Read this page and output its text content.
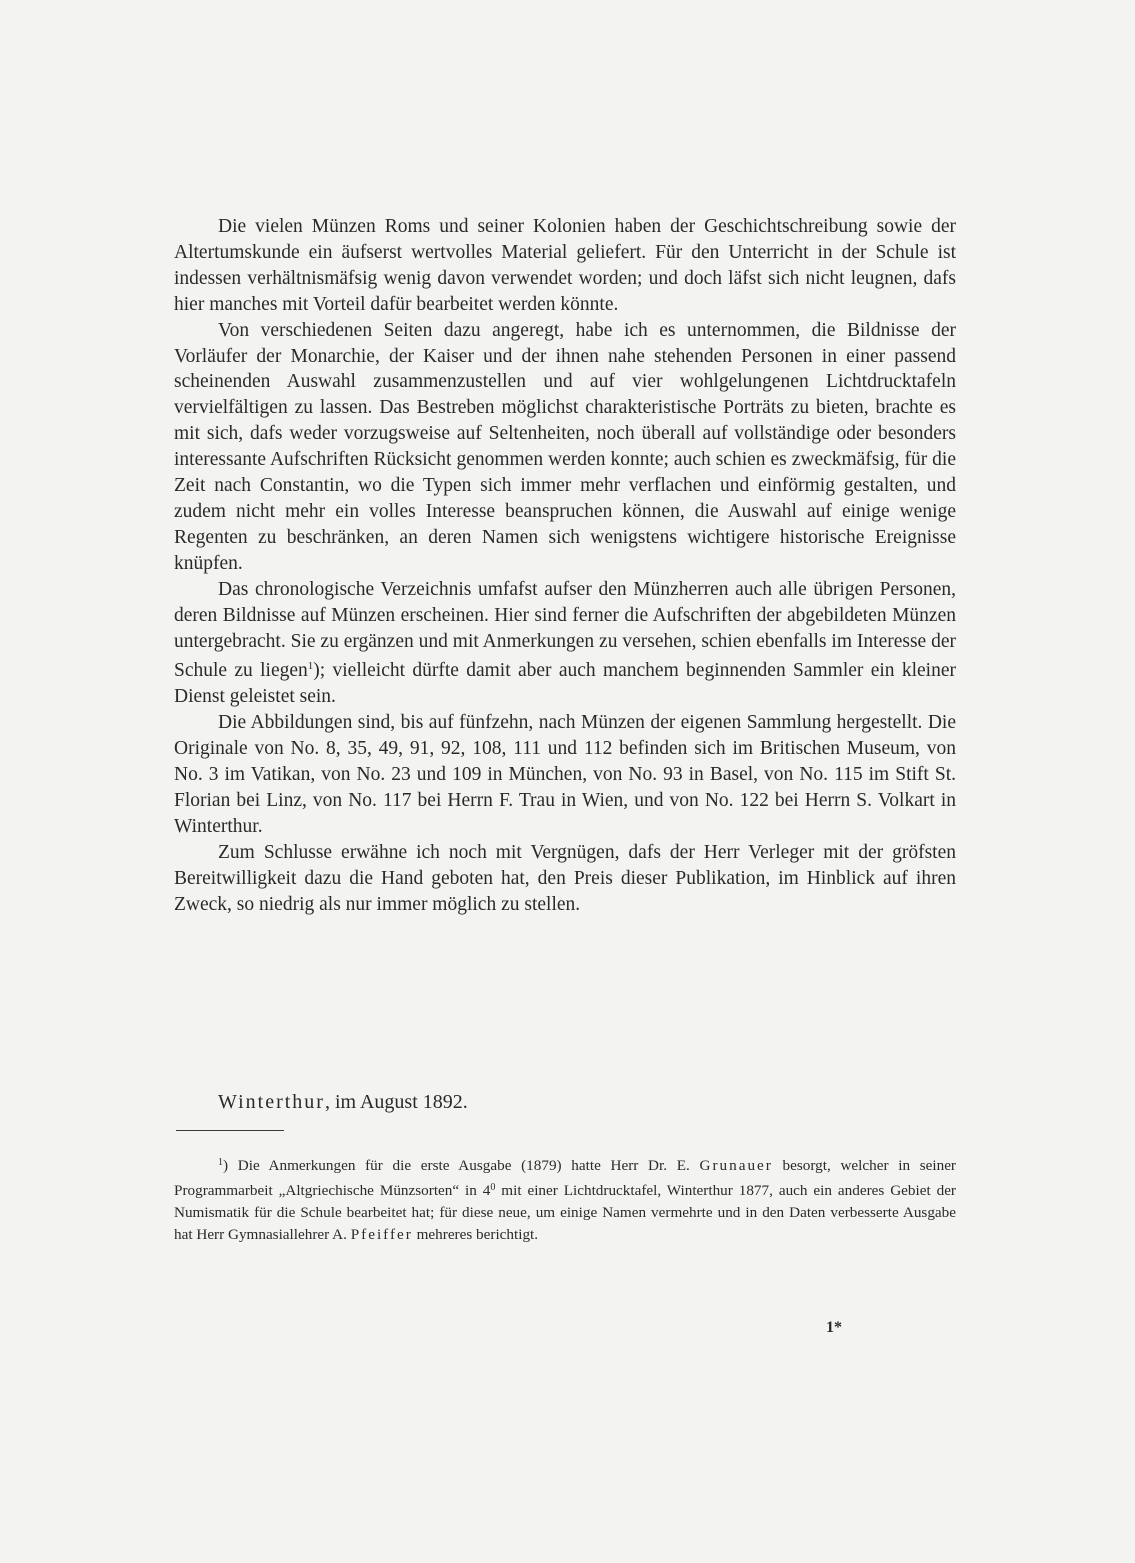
Die vielen Münzen Roms und seiner Kolonien haben der Geschichtschreibung sowie der Altertumskunde ein äufserst wertvolles Material geliefert. Für den Unterricht in der Schule ist indessen verhältnismäfsig wenig davon verwendet worden; und doch läfst sich nicht leugnen, dafs hier manches mit Vorteil dafür bearbeitet werden könnte.

Von verschiedenen Seiten dazu angeregt, habe ich es unternommen, die Bildnisse der Vorläufer der Monarchie, der Kaiser und der ihnen nahe stehenden Personen in einer passend scheinenden Auswahl zusammenzustellen und auf vier wohlgelungenen Lichtdrucktafeln vervielfältigen zu lassen. Das Bestreben möglichst charakteristische Porträts zu bieten, brachte es mit sich, dafs weder vorzugsweise auf Seltenheiten, noch überall auf vollständige oder besonders interessante Aufschriften Rücksicht genommen werden konnte; auch schien es zweckmäfsig, für die Zeit nach Constantin, wo die Typen sich immer mehr verflachen und einförmig gestalten, und zudem nicht mehr ein volles Interesse beanspruchen können, die Auswahl auf einige wenige Regenten zu beschränken, an deren Namen sich wenigstens wichtigere historische Ereignisse knüpfen.

Das chronologische Verzeichnis umfafst aufser den Münzherren auch alle übrigen Personen, deren Bildnisse auf Münzen erscheinen. Hier sind ferner die Aufschriften der abgebildeten Münzen untergebracht. Sie zu ergänzen und mit Anmerkungen zu versehen, schien ebenfalls im Interesse der Schule zu liegen$^1$); vielleicht dürfte damit aber auch manchem beginnenden Sammler ein kleiner Dienst geleistet sein.

Die Abbildungen sind, bis auf fünfzehn, nach Münzen der eigenen Sammlung hergestellt. Die Originale von No. 8, 35, 49, 91, 92, 108, 111 und 112 befinden sich im Britischen Museum, von No. 3 im Vatikan, von No. 23 und 109 in München, von No. 93 in Basel, von No. 115 im Stift St. Florian bei Linz, von No. 117 bei Herrn F. Trau in Wien, und von No. 122 bei Herrn S. Volkart in Winterthur.

Zum Schlusse erwähne ich noch mit Vergnügen, dafs der Herr Verleger mit der gröfsten Bereitwilligkeit dazu die Hand geboten hat, den Preis dieser Publikation, im Hinblick auf ihren Zweck, so niedrig als nur immer möglich zu stellen.

Winterthur, im August 1892.

$^1$) Die Anmerkungen für die erste Ausgabe (1879) hatte Herr Dr. E. Grunauer besorgt, welcher in seiner Programmarbeit „Altgriechische Münzsorten“ in $4^0$ mit einer Lichtdrucktafel, Winterthur 1877, auch ein anderes Gebiet der Numismatik für die Schule bearbeitet hat; für diese neue, um einige Namen vermehrte und in den Daten verbesserte Ausgabe hat Herr Gymnasiallehrer A. Pfeiffer mehreres berichtigt.

1*
